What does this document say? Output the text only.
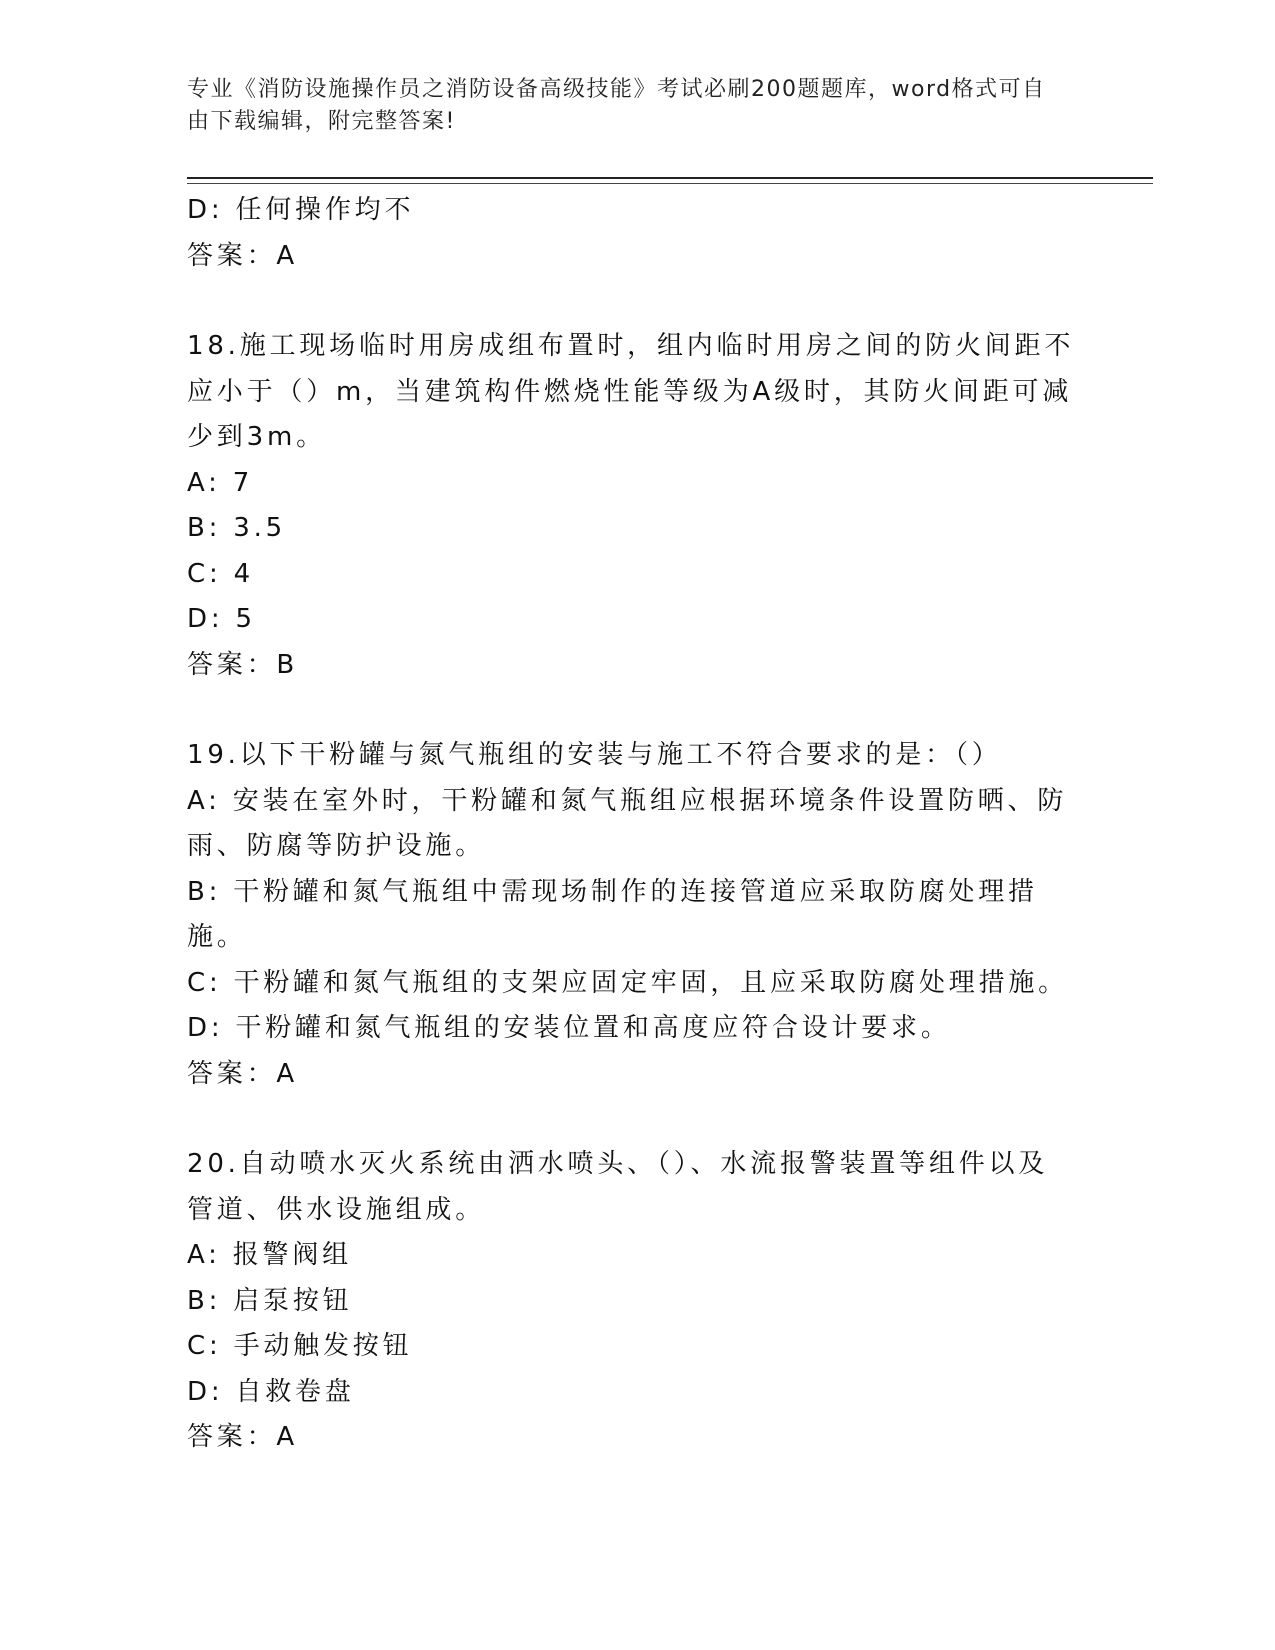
专业《消防设施操作员之消防设备高级技能》考试必刷200题题库，word格式可自由下载编辑，附完整答案!
D: 任何操作均不
答案：A
18.施工现场临时用房成组布置时，组内临时用房之间的防火间距不应小于（）m，当建筑构件燃烧性能等级为A级时，其防火间距可减少到3m。
A: 7
B: 3.5
C: 4
D: 5
答案：B
19.以下干粉罐与氮气瓶组的安装与施工不符合要求的是：（）
A: 安装在室外时，干粉罐和氮气瓶组应根据环境条件设置防晒、防雨、防腐等防护设施。
B: 干粉罐和氮气瓶组中需现场制作的连接管道应采取防腐处理措施。
C: 干粉罐和氮气瓶组的支架应固定牢固，且应采取防腐处理措施。
D: 干粉罐和氮气瓶组的安装位置和高度应符合设计要求。
答案：A
20.自动喷水灭火系统由洒水喷头、（）、水流报警装置等组件以及管道、供水设施组成。
A: 报警阀组
B: 启泵按钮
C: 手动触发按钮
D: 自救卷盘
答案：A
